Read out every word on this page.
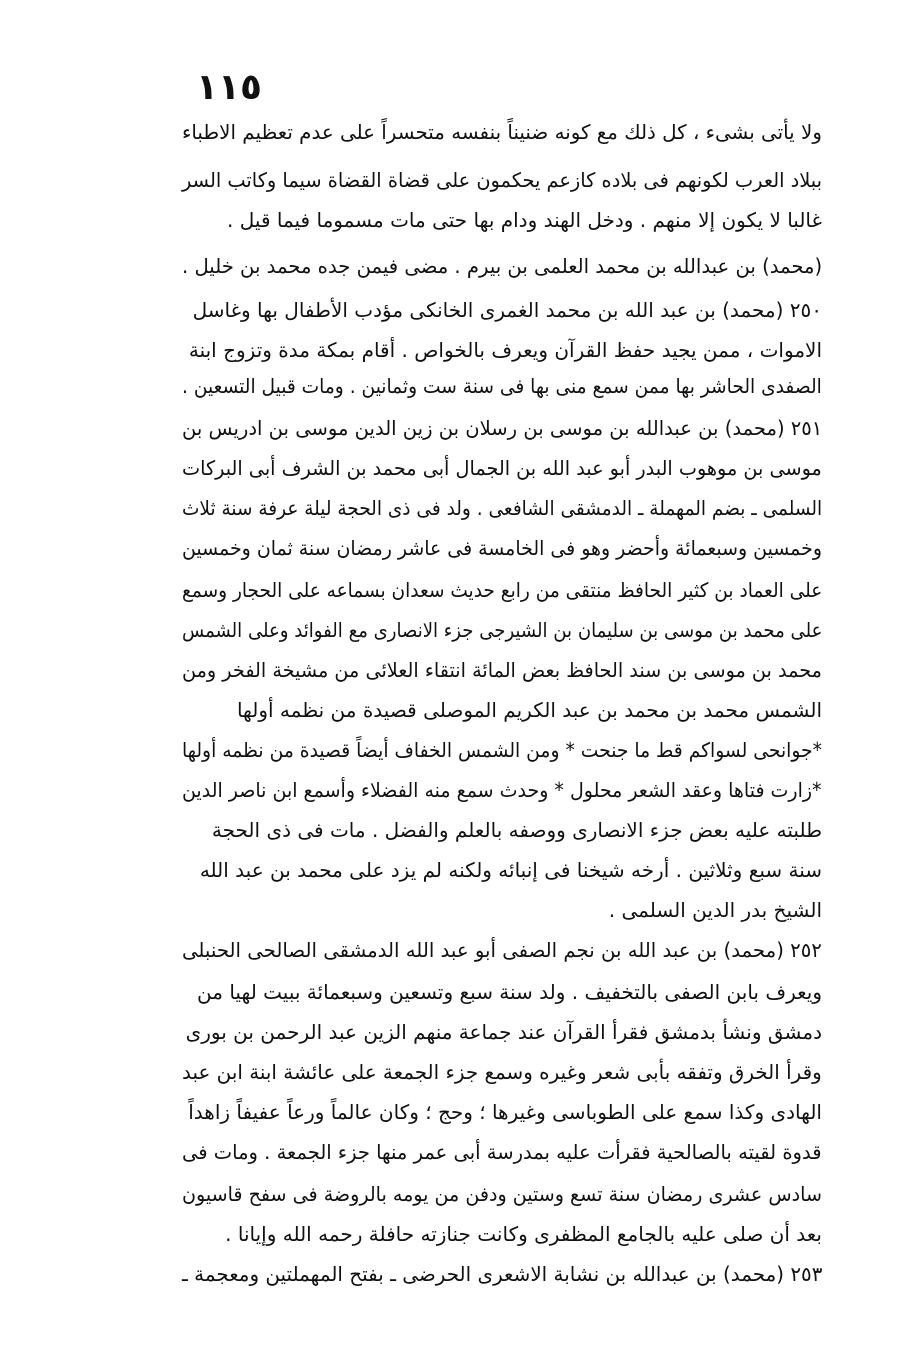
١١٥
ولا يأتى بشىء ، كل ذلك مع كونه ضنيناً بنفسه متحسراً على عدم تعظيم الاطباء
ببلاد العرب لكونهم فى بلاده كازعم يحكمون على قضاة القضاة سيما وكاتب السر
غالبا لا يكون إلا منهم . ودخل الهند ودام بها حتى مات مسموما فيما قيل .
(محمد) بن عبدالله بن محمد العلمى بن بيرم . مضى فيمن جده محمد بن خليل .
٢٥٠ (محمد) بن عبد الله بن محمد الغمرى الخانكى مؤدب الأطفال بها وغاسل
الاموات ، ممن يجيد حفظ القرآن ويعرف بالخواص . أقام بمكة مدة وتزوج ابنة
الصفدى الحاشر بها ممن سمع منى بها فى سنة ست وثمانين . ومات قبيل التسعين .
٢٥١ (محمد) بن عبدالله بن موسى بن رسلان بن زين الدين موسى بن ادريس بن
موسى بن موهوب البدر أبو عبد الله بن الجمال أبى محمد بن الشرف أبى البركات
السلمى ـ بضم المهملة ـ الدمشقى الشافعى . ولد فى ذى الحجة ليلة عرفة سنة ثلاث
وخمسين وسبعمائة وأحضر وهو فى الخامسة فى عاشر رمضان سنة ثمان وخمسين
على العماد بن كثير الحافظ منتقى من رابع حديث سعدان بسماعه على الحجار وسمع
على محمد بن موسى بن سليمان بن الشيرجى جزء الانصارى مع الفوائد وعلى الشمس
محمد بن موسى بن سند الحافظ بعض المائة انتقاء العلائى من مشيخة الفخر ومن
الشمس محمد بن محمد بن عبد الكريم الموصلى قصيدة من نظمه أولها
*جوانحى لسواكم قط ما جنحت * ومن الشمس الخفاف أيضاً قصيدة من نظمه أولها
*زارت فتاها وعقد الشعر محلول * وحدث سمع منه الفضلاء وأسمع ابن ناصر الدين
طلبته عليه بعض جزء الانصارى ووصفه بالعلم والفضل . مات فى ذى الحجة
سنة سبع وثلاثين . أرخه شيخنا فى إنبائه ولكنه لم يزد على محمد بن عبد الله
الشيخ بدر الدين السلمى .
٢٥٢ (محمد) بن عبد الله بن نجم الصفى أبو عبد الله الدمشقى الصالحى الحنبلى
ويعرف بابن الصفى بالتخفيف . ولد سنة سبع وتسعين وسبعمائة ببيت لهيا من
دمشق ونشأ بدمشق فقرأ القرآن عند جماعة منهم الزين عبد الرحمن بن بورى
وقرأ الخرق وتفقه بأبى شعر وغيره وسمع جزء الجمعة على عائشة ابنة ابن عبد
الهادى وكذا سمع على الطوباسى وغيرها ؛ وحج ؛ وكان عالماً ورعاً عفيفاً زاهداً
قدوة لقيته بالصالحية فقرأت عليه بمدرسة أبى عمر منها جزء الجمعة . ومات فى
سادس عشرى رمضان سنة تسع وستين ودفن من يومه بالروضة فى سفح قاسيون
بعد أن صلى عليه بالجامع المظفرى وكانت جنازته حافلة رحمه الله وإيانا .
٢٥٣ (محمد) بن عبدالله بن نشابة الاشعرى الحرضى ـ بفتح المهملتين ومعجمة ـ
